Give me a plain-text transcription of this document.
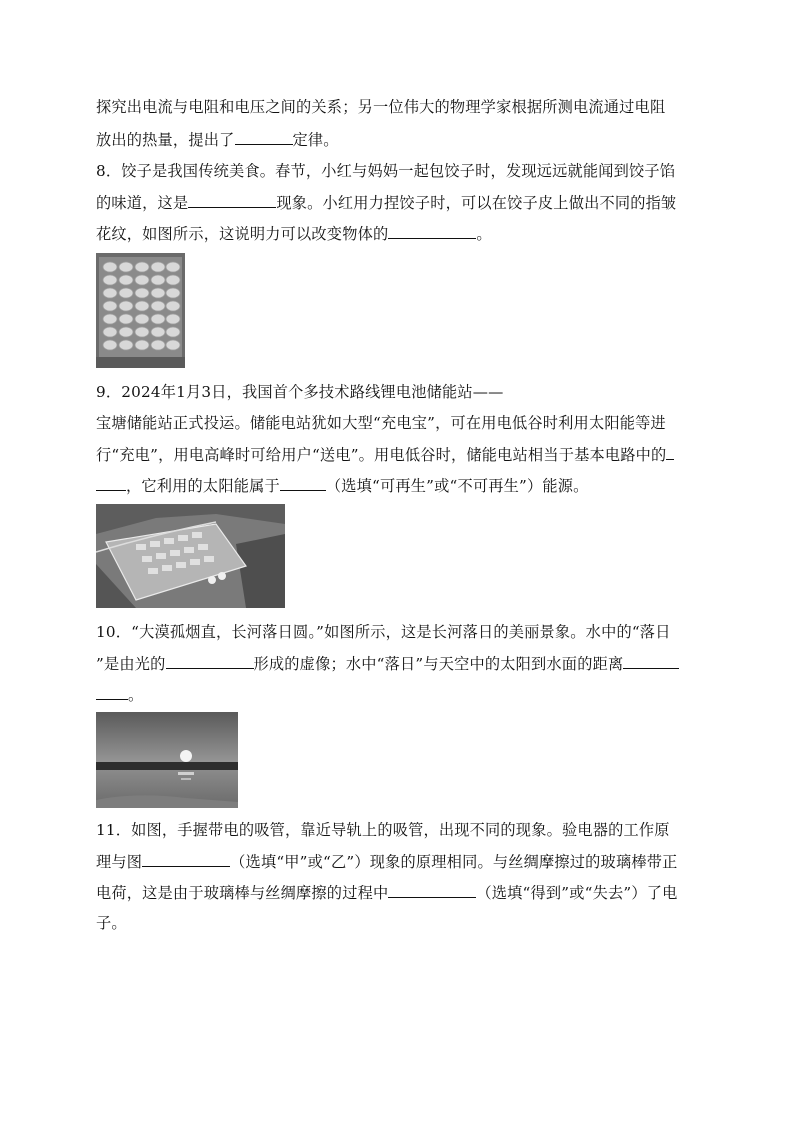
探究出电流与电阻和电压之间的关系；另一位伟大的物理学家根据所测电流通过电阻
放出的热量，提出了	定律。
8．饺子是我国传统美食。春节，小红与妈妈一起包饺子时，发现远远就能闻到饺子馅
的味道，这是	现象。小红用力捏饺子时，可以在饺子皮上做出不同的指皱
花纹，如图所示，这说明力可以改变物体的	。
9．2024年1月3日，我国首个多技术路线锂电池储能站——
宝塘储能站正式投运。储能电站犹如大型“充电宝”，可在用电低谷时利用太阳能等进
行“充电”，用电高峰时可给用户“送电”。用电低谷时，储能电站相当于基本电路中的
，它利用的太阳能属于	（选填“可再生”或“不可再生”）能源。
10．“大漠孤烟直，长河落日圆。”如图所示，这是长河落日的美丽景象。水中的“落日
”是由光的	形成的虚像；水中“落日”与天空中的太阳到水面的距离
。
11．如图，手握带电的吸管，靠近导轨上的吸管，出现不同的现象。验电器的工作原
理与图	（选填“甲”或“乙”）现象的原理相同。与丝绸摩擦过的玻璃棒带正
电荷，这是由于玻璃棒与丝绸摩擦的过程中	（选填“得到”或“失去”）了电
子。
